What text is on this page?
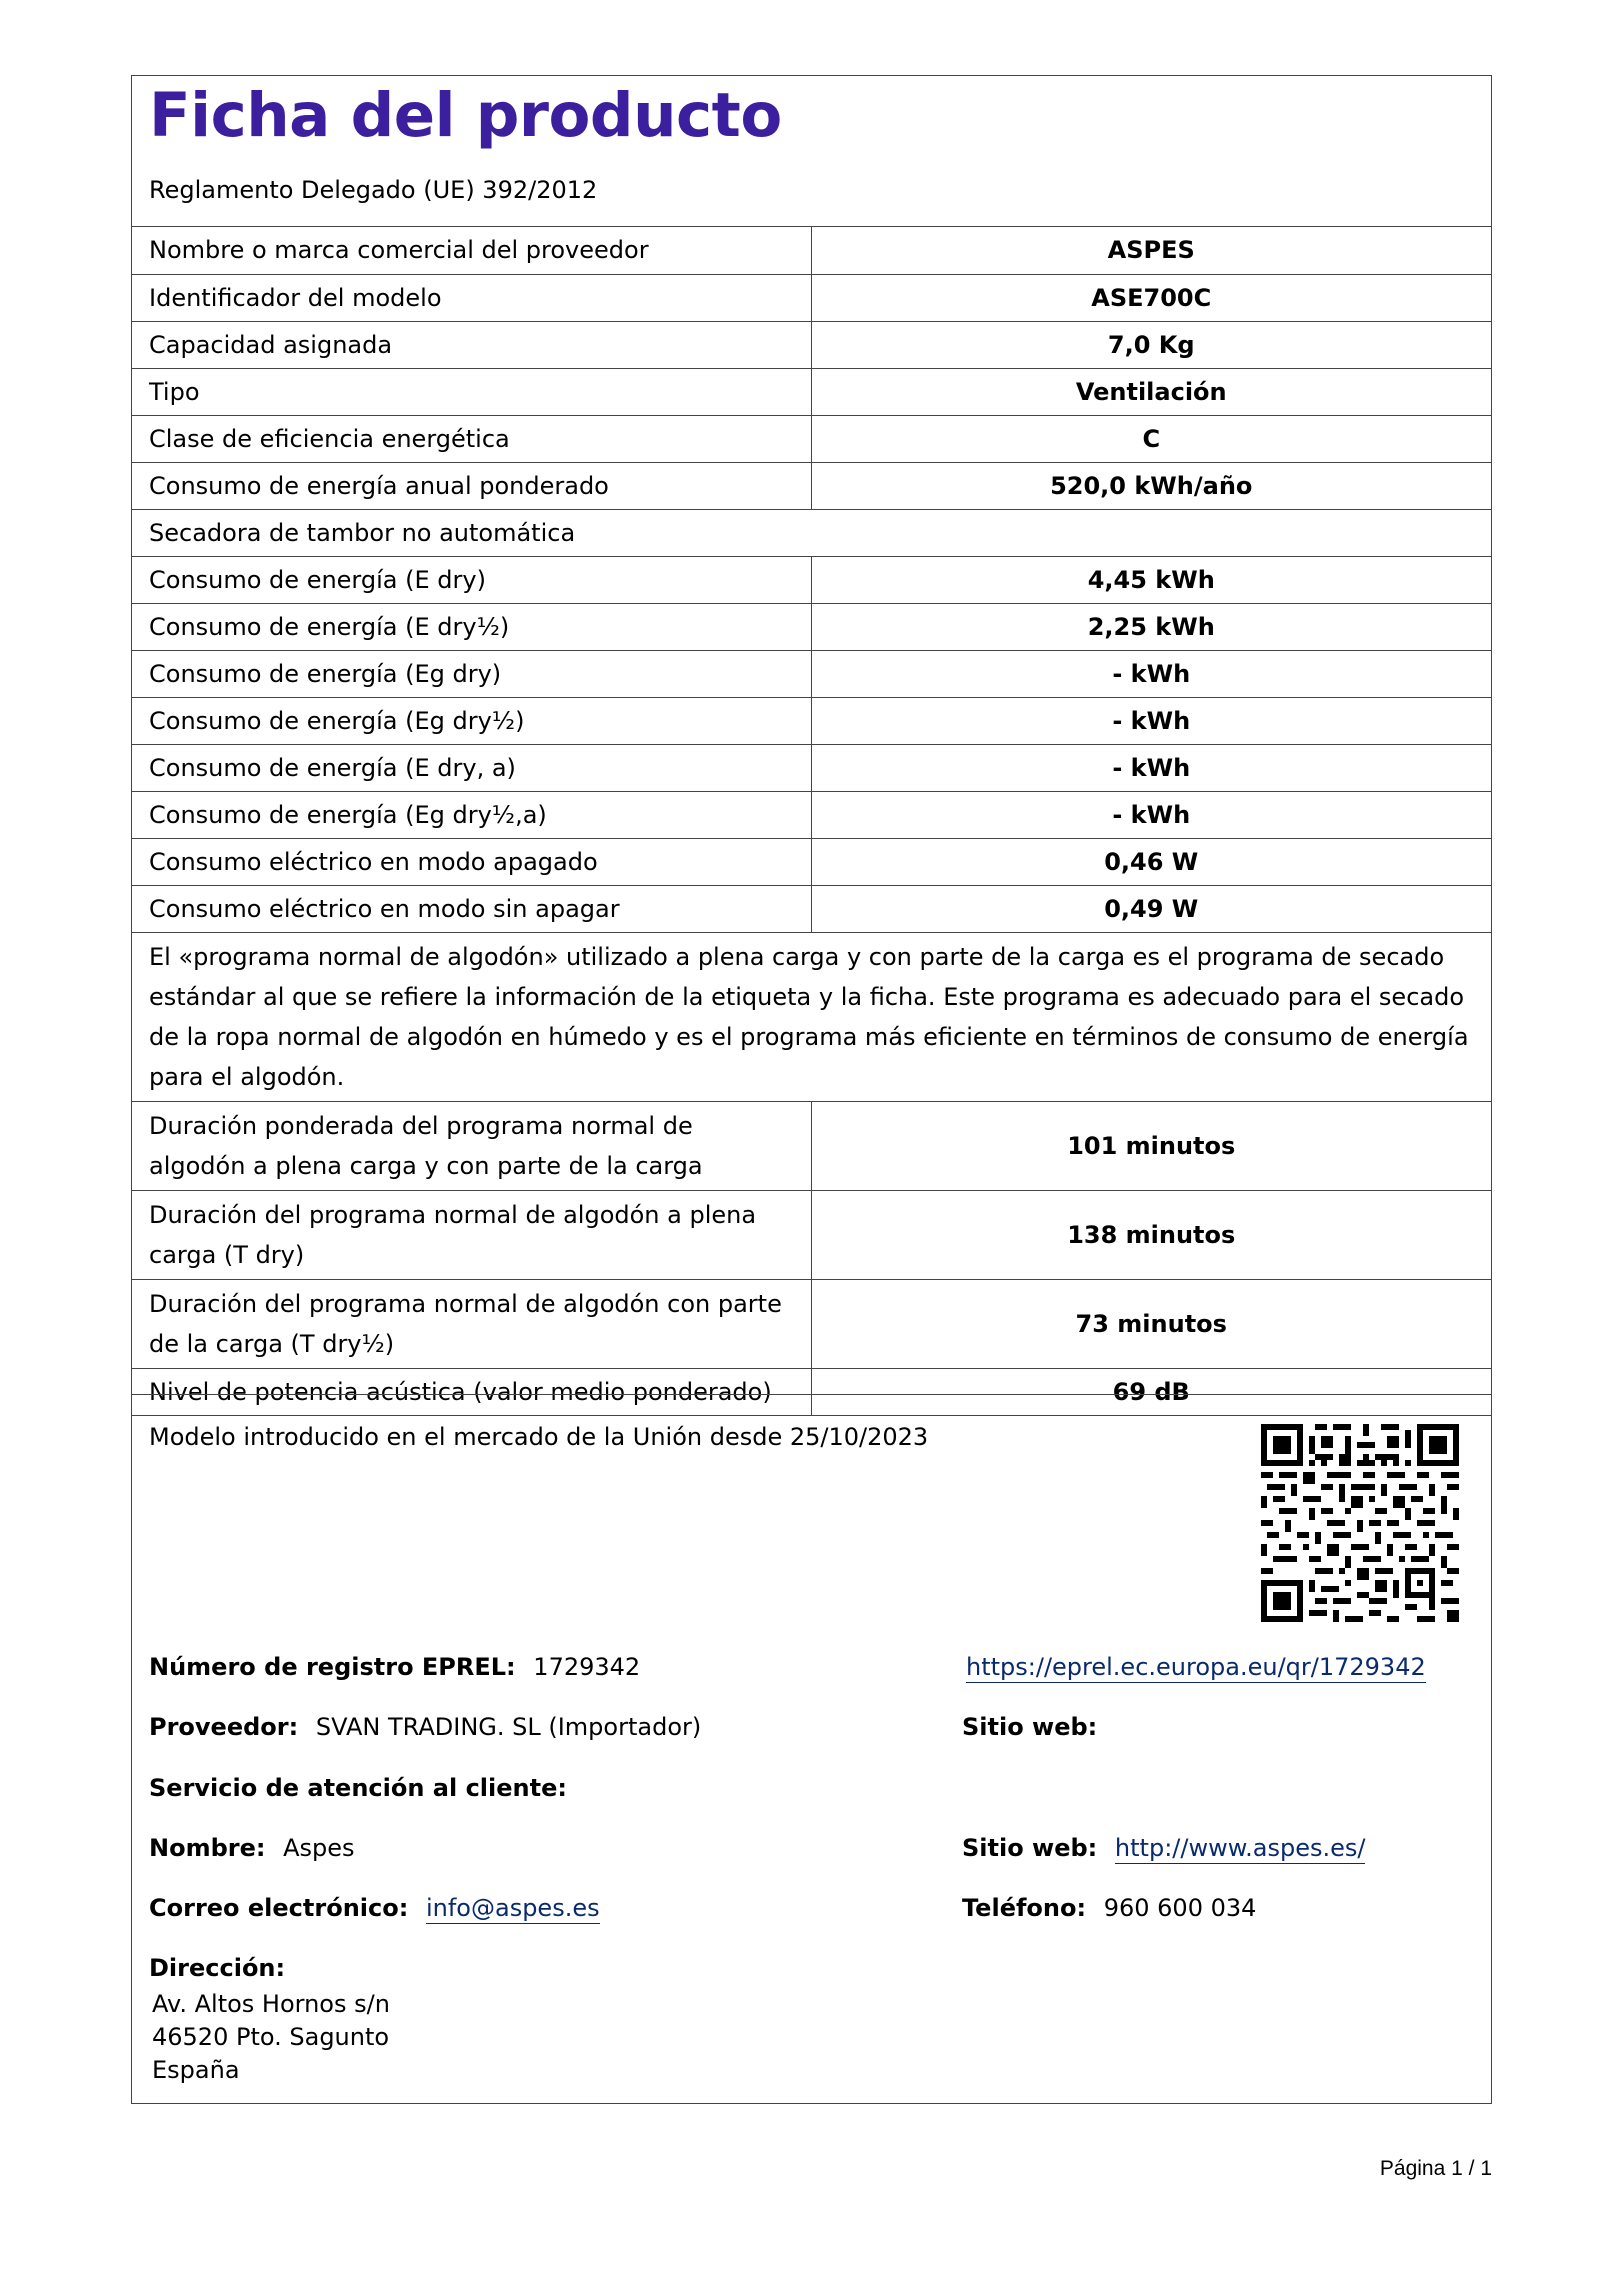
Ficha del producto
Reglamento Delegado (UE) 392/2012
Nombre o marca comercial del proveedor	ASPES
Identificador del modelo	ASE700C
Capacidad asignada	7,0 Kg
Tipo	Ventilación
Clase de eficiencia energética	C
Consumo de energía anual ponderado	520,0 kWh/año
Secadora de tambor no automática	
Consumo de energía (E dry)	4,45 kWh
Consumo de energía (E dry½)	2,25 kWh
Consumo de energía (Eg dry)	- kWh
Consumo de energía (Eg dry½)	- kWh
Consumo de energía (E dry, a)	- kWh
Consumo de energía (Eg dry½,a)	- kWh
Consumo eléctrico en modo apagado	0,46 W
Consumo eléctrico en modo sin apagar	0,49 W
El «programa normal de algodón» utilizado a plena carga y con parte de la carga es el programa de secado estándar al que se refiere la información de la etiqueta y la ficha. Este programa es adecuado para el secado de la ropa normal de algodón en húmedo y es el programa más eficiente en términos de consumo de energía para el algodón.	
Duración ponderada del programa normal de algodón a plena carga y con parte de la carga	101 minutos
Duración del programa normal de algodón a plena carga (T dry)	138 minutos
Duración del programa normal de algodón con parte de la carga (T dry½)	73 minutos
Nivel de potencia acústica (valor medio ponderado)	69 dB
Modelo introducido en el mercado de la Unión desde 25/10/2023
Número de registro EPREL: 1729342	https://eprel.ec.europa.eu/qr/1729342
Proveedor: SVAN TRADING. SL (Importador)	Sitio web:
Servicio de atención al cliente:
Nombre: Aspes	Sitio web: http://www.aspes.es/
Correo electrónico: info@aspes.es	Teléfono: 960 600 034
Dirección:
Av. Altos Hornos s/n
46520 Pto. Sagunto
España
Página 1 / 1
